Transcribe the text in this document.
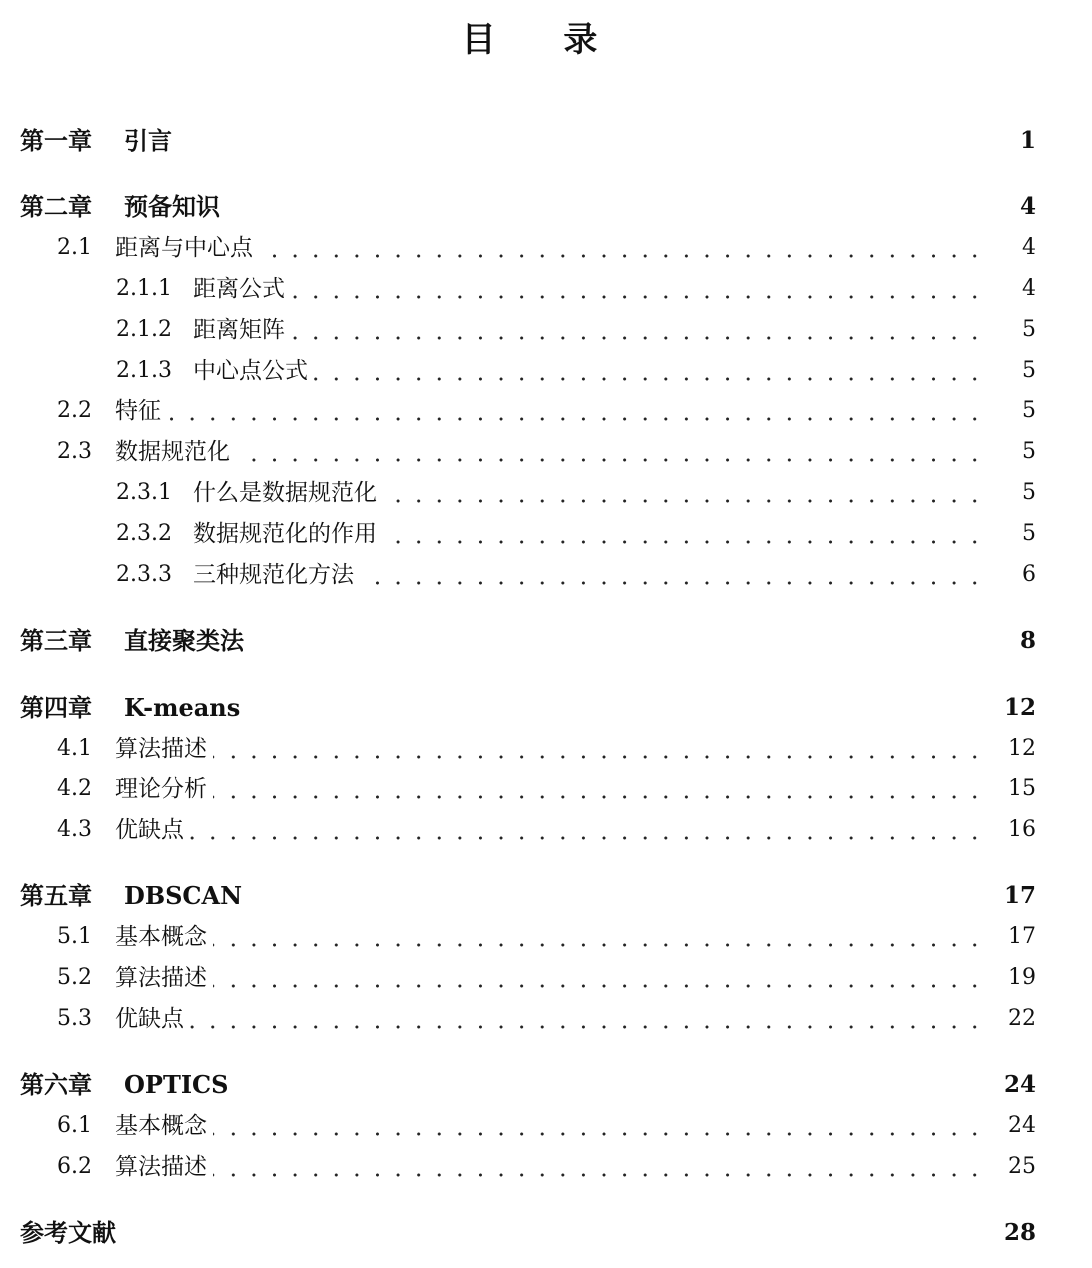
目 录
第一章 引言	1
第二章 预备知识	4
2.1 距离与中心点	4
2.1.1 距离公式	4
2.1.2 距离矩阵	5
2.1.3 中心点公式	5
2.2 特征	5
2.3 数据规范化	5
2.3.1 什么是数据规范化	5
2.3.2 数据规范化的作用	5
2.3.3 三种规范化方法	6
第三章 直接聚类法	8
第四章 K-means	12
4.1 算法描述	12
4.2 理论分析	15
4.3 优缺点	16
第五章 DBSCAN	17
5.1 基本概念	17
5.2 算法描述	19
5.3 优缺点	22
第六章 OPTICS	24
6.1 基本概念	24
6.2 算法描述	25
参考文献	28
